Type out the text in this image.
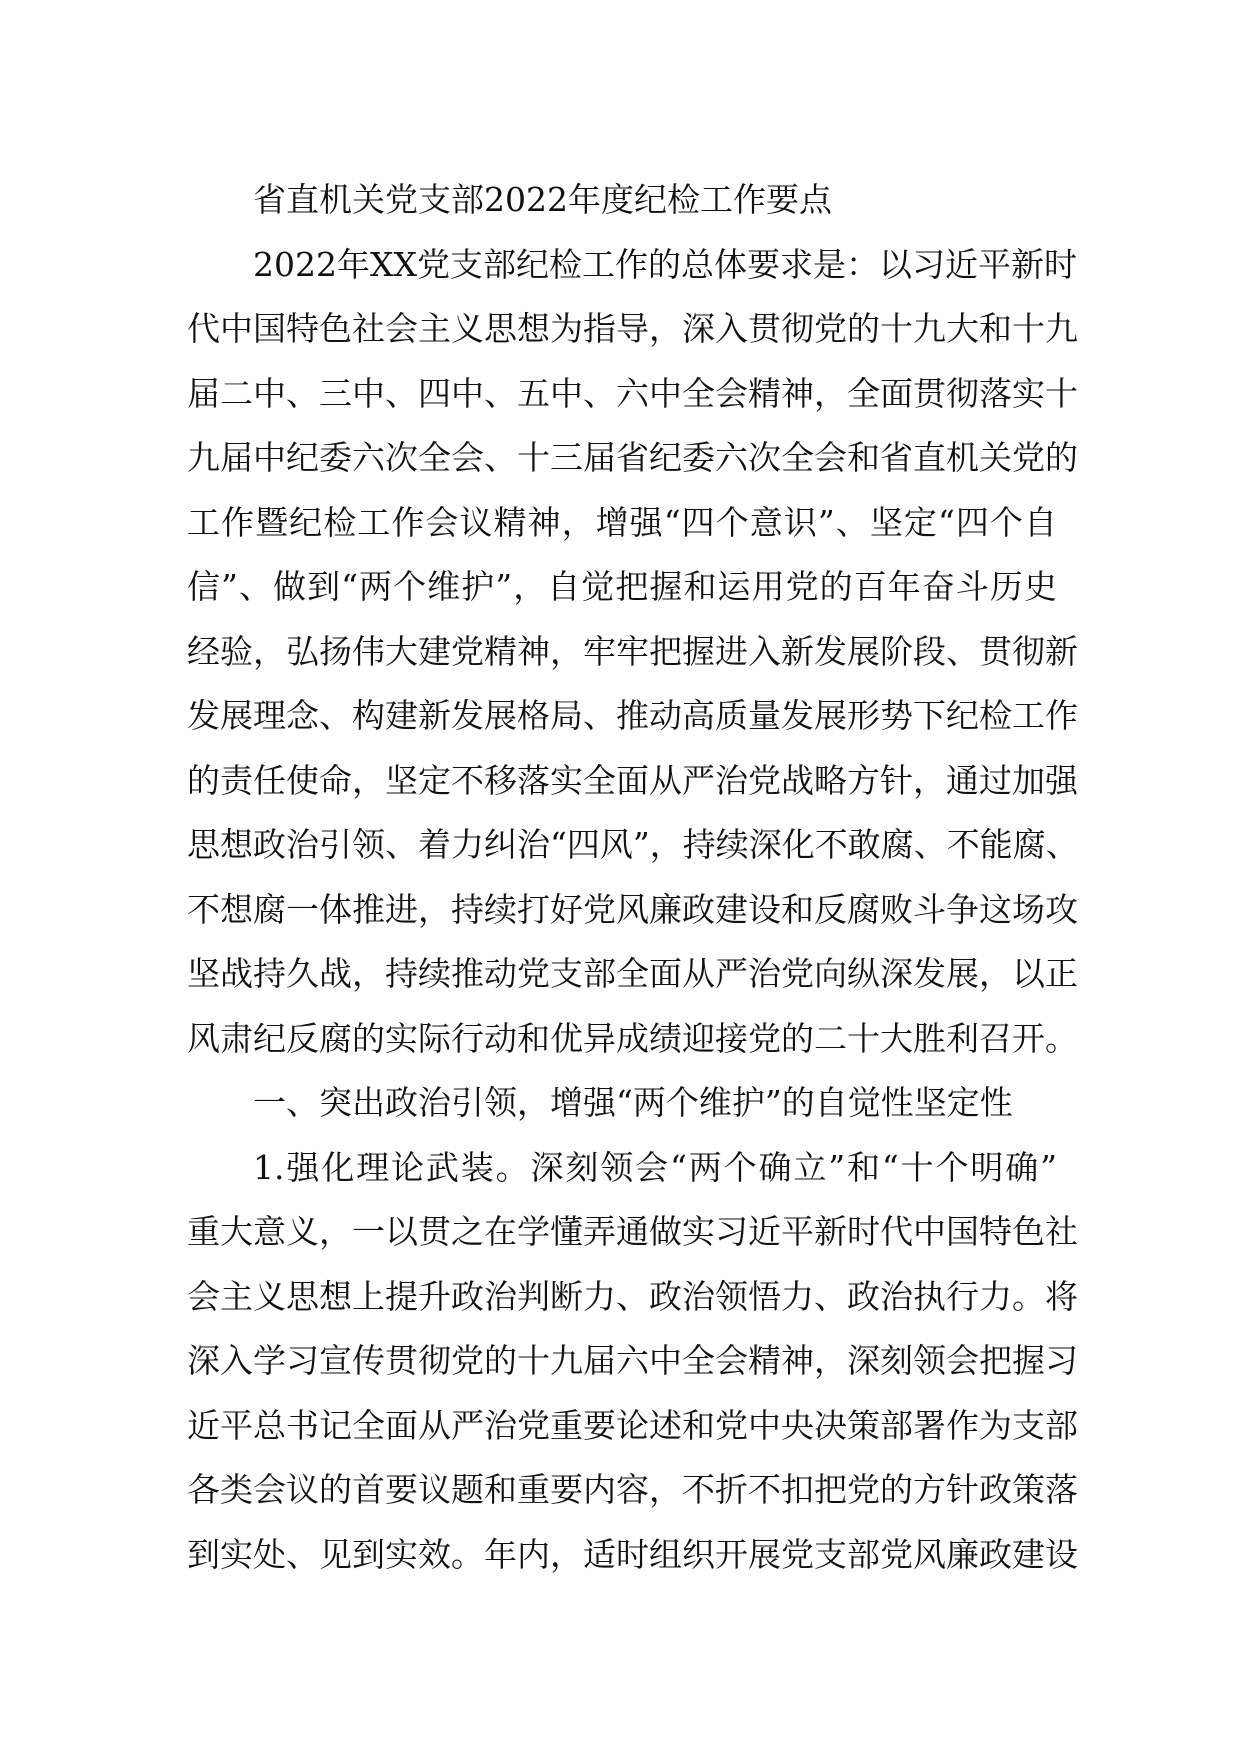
省直机关党支部2022年度纪检工作要点
2022年XX党支部纪检工作的总体要求是：以习近平新时
代中国特色社会主义思想为指导，深入贯彻党的十九大和十九
届二中、三中、四中、五中、六中全会精神，全面贯彻落实十
九届中纪委六次全会、十三届省纪委六次全会和省直机关党的
工作暨纪检工作会议精神，增强“四个意识”、坚定“四个自
信”、做到“两个维护”，自觉把握和运用党的百年奋斗历史
经验，弘扬伟大建党精神，牢牢把握进入新发展阶段、贯彻新
发展理念、构建新发展格局、推动高质量发展形势下纪检工作
的责任使命，坚定不移落实全面从严治党战略方针，通过加强
思想政治引领、着力纠治“四风”，持续深化不敢腐、不能腐、
不想腐一体推进，持续打好党风廉政建设和反腐败斗争这场攻
坚战持久战，持续推动党支部全面从严治党向纵深发展，以正
风肃纪反腐的实际行动和优异成绩迎接党的二十大胜利召开。
一、突出政治引领，增强“两个维护”的自觉性坚定性
1.强化理论武装。深刻领会“两个确立”和“十个明确”
重大意义，一以贯之在学懂弄通做实习近平新时代中国特色社
会主义思想上提升政治判断力、政治领悟力、政治执行力。将
深入学习宣传贯彻党的十九届六中全会精神，深刻领会把握习
近平总书记全面从严治党重要论述和党中央决策部署作为支部
各类会议的首要议题和重要内容，不折不扣把党的方针政策落
到实处、见到实效。年内，适时组织开展党支部党风廉政建设
